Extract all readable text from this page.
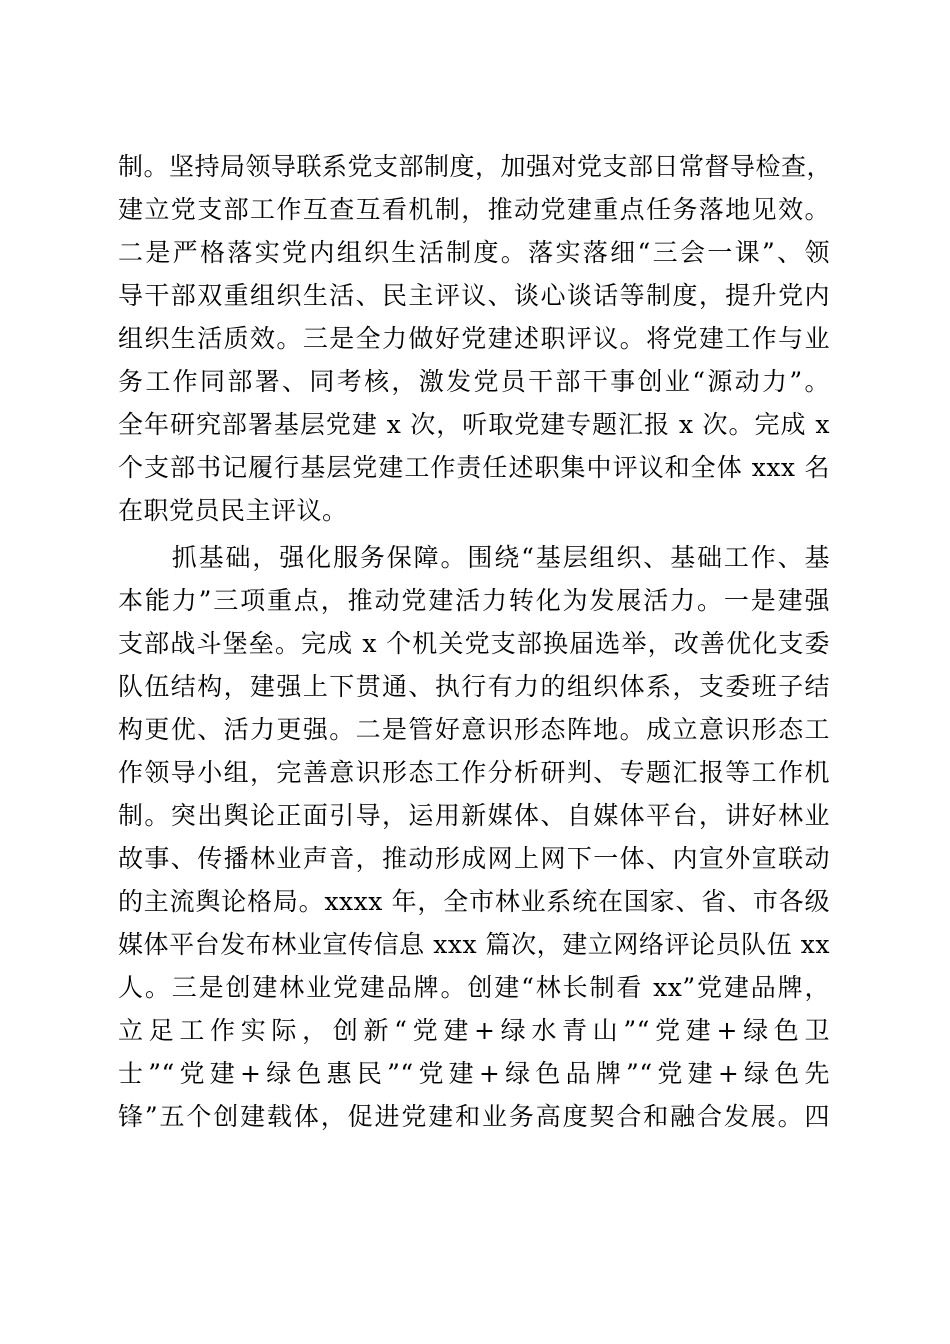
制。坚持局领导联系党支部制度，加强对党支部日常督导检查，
建立党支部工作互查互看机制，推动党建重点任务落地见效。
二是严格落实党内组织生活制度。落实落细“三会一课”、领
导干部双重组织生活、民主评议、谈心谈话等制度，提升党内
组织生活质效。三是全力做好党建述职评议。将党建工作与业
务工作同部署、同考核，激发党员干部干事创业“源动力”。
全年研究部署基层党建 x 次，听取党建专题汇报 x 次。完成 x
个支部书记履行基层党建工作责任述职集中评议和全体 xxx 名
在职党员民主评议。
　　抓基础，强化服务保障。围绕“基层组织、基础工作、基
本能力”三项重点，推动党建活力转化为发展活力。一是建强
支部战斗堡垒。完成 x 个机关党支部换届选举，改善优化支委
队伍结构，建强上下贯通、执行有力的组织体系，支委班子结
构更优、活力更强。二是管好意识形态阵地。成立意识形态工
作领导小组，完善意识形态工作分析研判、专题汇报等工作机
制。突出舆论正面引导，运用新媒体、自媒体平台，讲好林业
故事、传播林业声音，推动形成网上网下一体、内宣外宣联动
的主流舆论格局。xxxx 年，全市林业系统在国家、省、市各级
媒体平台发布林业宣传信息 xxx 篇次，建立网络评论员队伍 xx
人。三是创建林业党建品牌。创建“林长制看 xx”党建品牌，
立足工作实际，创新“党建+绿水青山”“党建+绿色卫
士”“党建+绿色惠民”“党建+绿色品牌”“党建+绿色先
锋”五个创建载体，促进党建和业务高度契合和融合发展。四
